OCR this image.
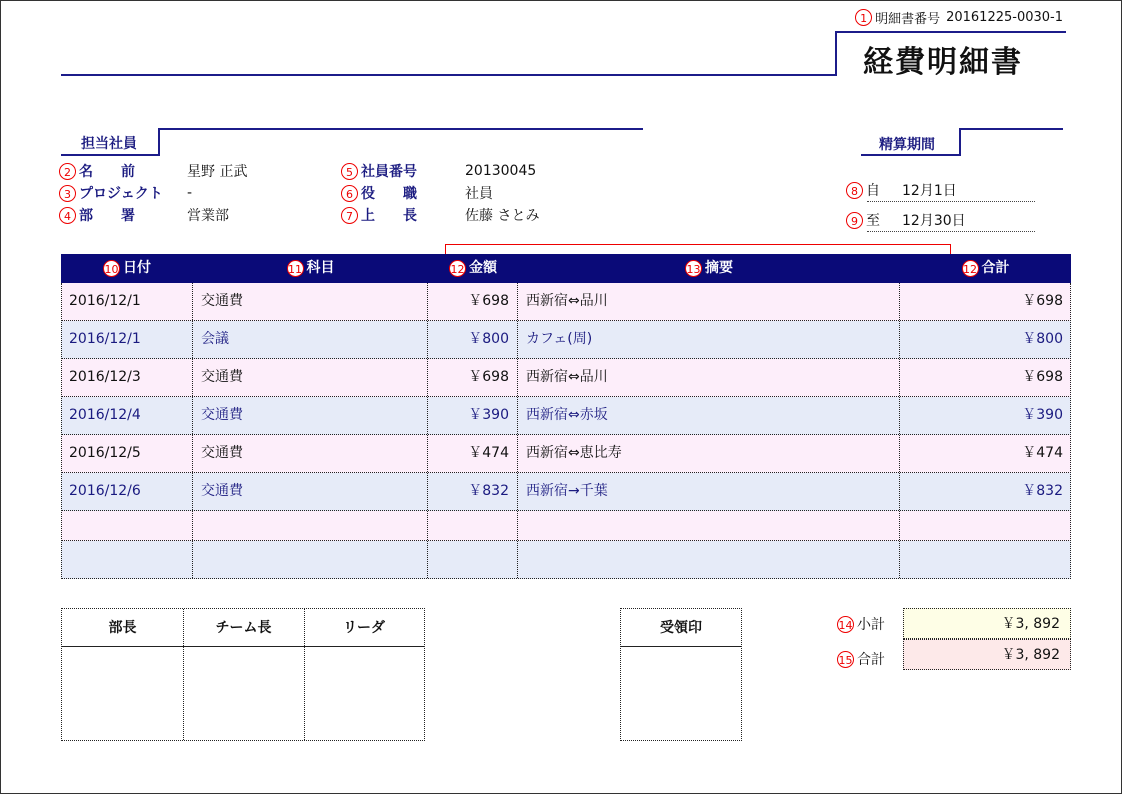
1 明細書番号 20161225-0030-1
経費明細書
担当社員
2 名　　前	星野 正武
3 プロジェクト	-
4 部　　署	営業部
5 社員番号	20130045
6 役　　職	社員
7 上　　長	佐藤 さとみ
精算期間
8 自	12月1日
9 至	12月30日
10 日付	11 科目	12 金額	13 摘要	12 合計
2016/12/1	交通費	￥698	西新宿⇔品川	￥698
2016/12/1	会議	￥800	カフェ(周)	￥800
2016/12/3	交通費	￥698	西新宿⇔品川	￥698
2016/12/4	交通費	￥390	西新宿⇔赤坂	￥390
2016/12/5	交通費	￥474	西新宿⇔恵比寿	￥474
2016/12/6	交通費	￥832	西新宿→千葉	￥832
部長	チーム長	リーダ	受領印	14 小計	￥3, 892
15 合計	￥3, 892
